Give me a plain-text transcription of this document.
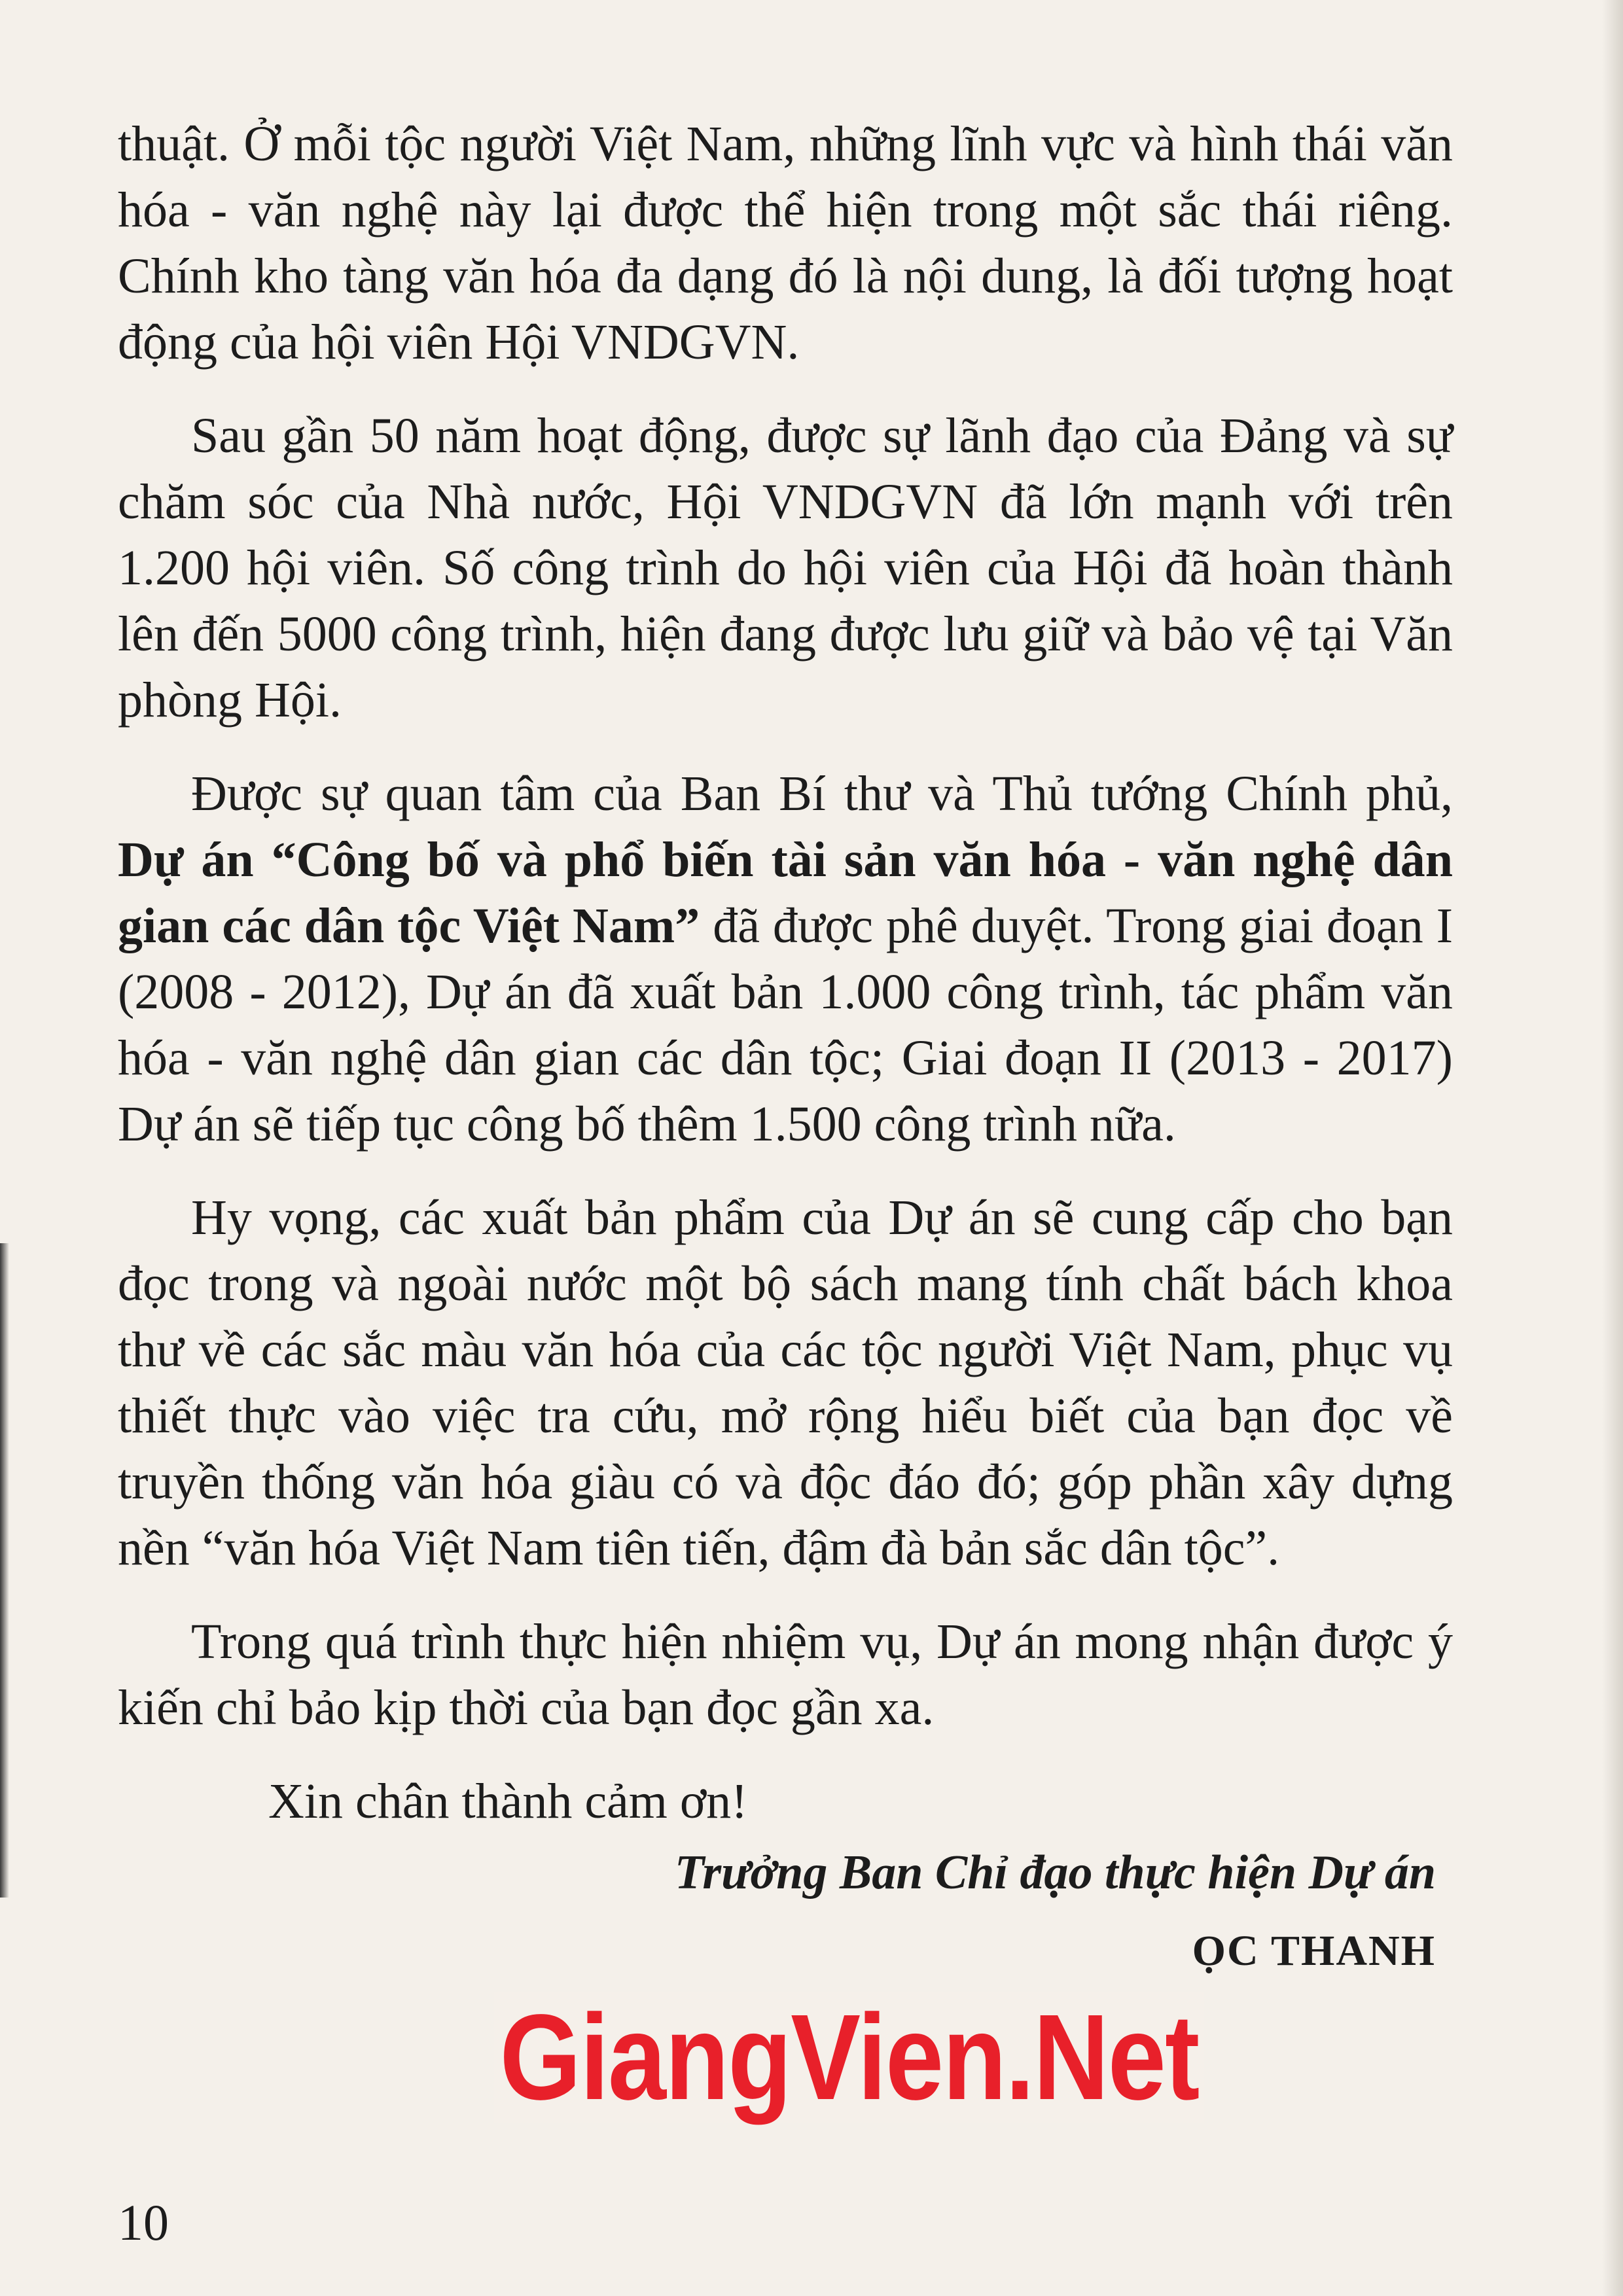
thuật. Ở mỗi tộc người Việt Nam, những lĩnh vực và hình thái văn hóa - văn nghệ này lại được thể hiện trong một sắc thái riêng. Chính kho tàng văn hóa đa dạng đó là nội dung, là đối tượng hoạt động của hội viên Hội VNDGVN.

Sau gần 50 năm hoạt động, được sự lãnh đạo của Đảng và sự chăm sóc của Nhà nước, Hội VNDGVN đã lớn mạnh với trên 1.200 hội viên. Số công trình do hội viên của Hội đã hoàn thành lên đến 5000 công trình, hiện đang được lưu giữ và bảo vệ tại Văn phòng Hội.

Được sự quan tâm của Ban Bí thư và Thủ tướng Chính phủ, Dự án “Công bố và phổ biến tài sản văn hóa - văn nghệ dân gian các dân tộc Việt Nam” đã được phê duyệt. Trong giai đoạn I (2008 - 2012), Dự án đã xuất bản 1.000 công trình, tác phẩm văn hóa - văn nghệ dân gian các dân tộc; Giai đoạn II (2013 - 2017) Dự án sẽ tiếp tục công bố thêm 1.500 công trình nữa.

Hy vọng, các xuất bản phẩm của Dự án sẽ cung cấp cho bạn đọc trong và ngoài nước một bộ sách mang tính chất bách khoa thư về các sắc màu văn hóa của các tộc người Việt Nam, phục vụ thiết thực vào việc tra cứu, mở rộng hiểu biết của bạn đọc về truyền thống văn hóa giàu có và độc đáo đó; góp phần xây dựng nền “văn hóa Việt Nam tiên tiến, đậm đà bản sắc dân tộc”.

Trong quá trình thực hiện nhiệm vụ, Dự án mong nhận được ý kiến chỉ bảo kịp thời của bạn đọc gần xa.

Xin chân thành cảm ơn!
Trưởng Ban Chỉ đạo thực hiện Dự án
ỌC THANH
GiangVien.Net
10
